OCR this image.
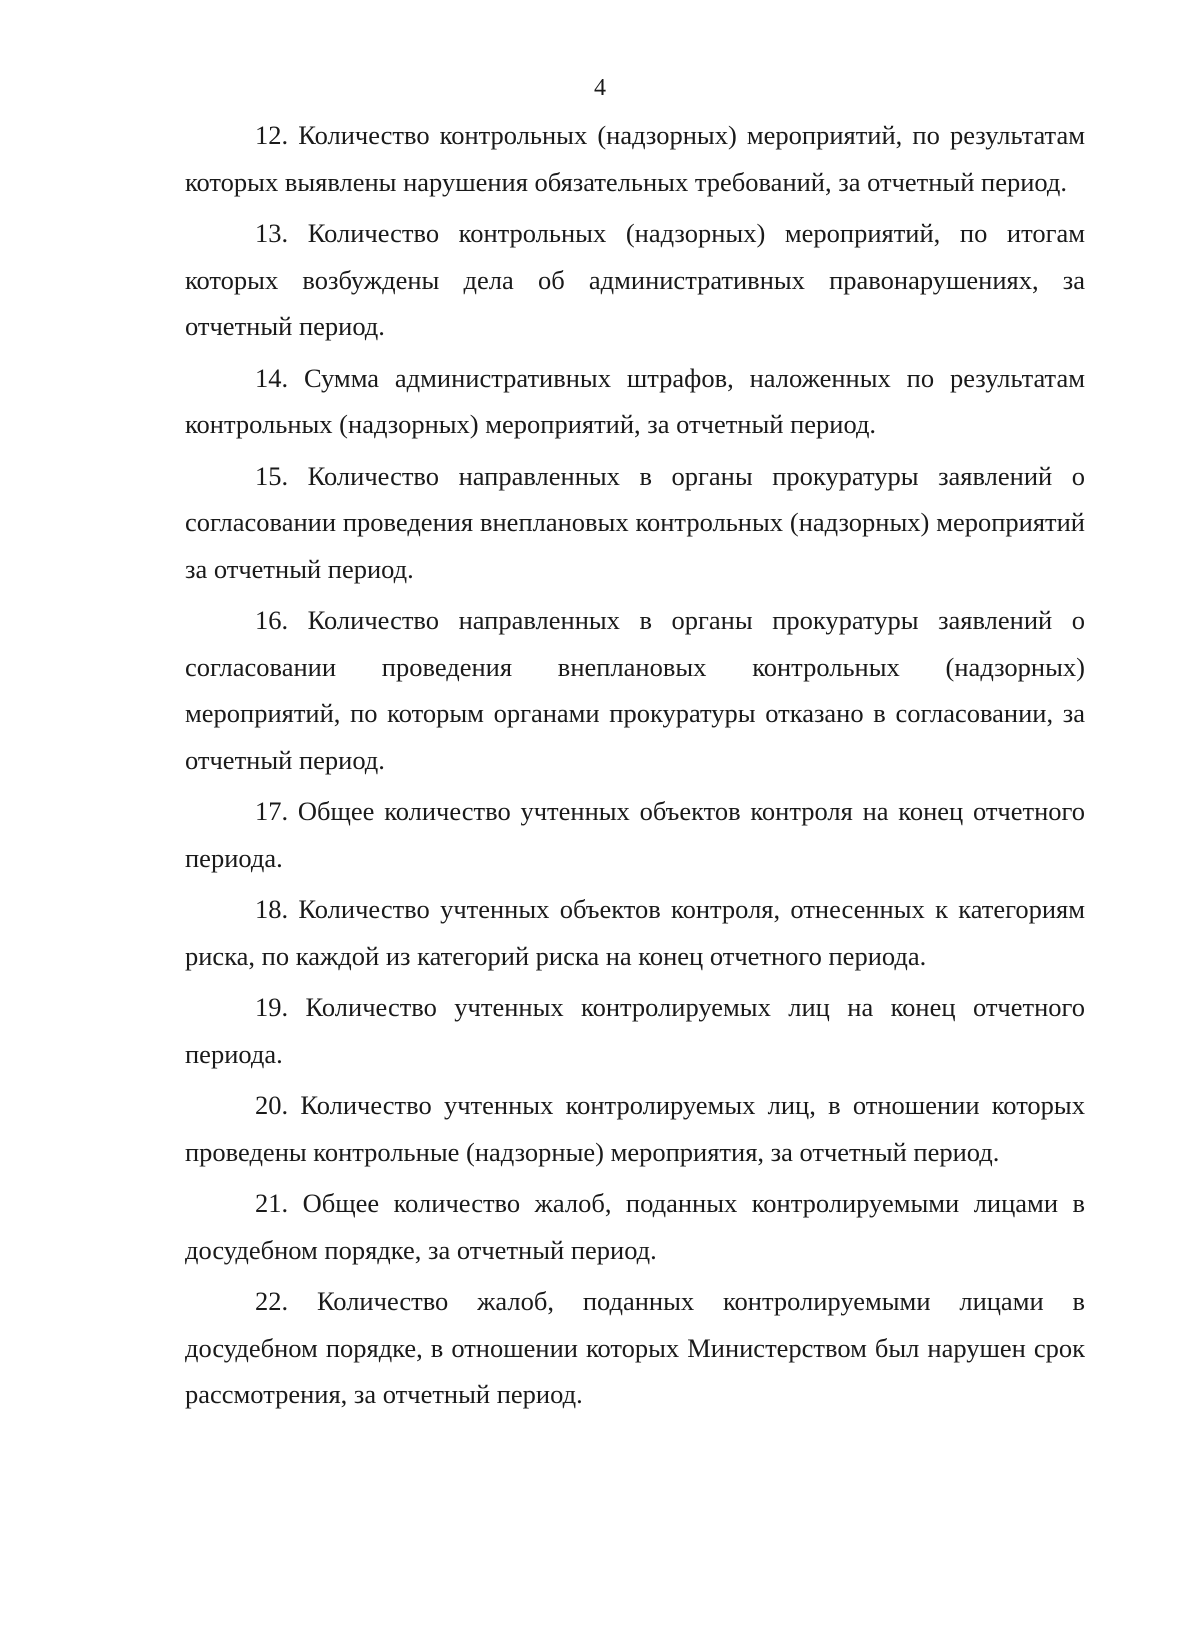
4

12. Количество контрольных (надзорных) мероприятий, по результатам которых выявлены нарушения обязательных требований, за отчетный период.

13. Количество контрольных (надзорных) мероприятий, по итогам которых возбуждены дела об административных правонарушениях, за отчетный период.

14. Сумма административных штрафов, наложенных по результатам контрольных (надзорных) мероприятий, за отчетный период.

15. Количество направленных в органы прокуратуры заявлений о согласовании проведения внеплановых контрольных (надзорных) мероприятий за отчетный период.

16. Количество направленных в органы прокуратуры заявлений о согласовании проведения внеплановых контрольных (надзорных) мероприятий, по которым органами прокуратуры отказано в согласовании, за отчетный период.

17. Общее количество учтенных объектов контроля на конец отчетного периода.

18. Количество учтенных объектов контроля, отнесенных к категориям риска, по каждой из категорий риска на конец отчетного периода.

19. Количество учтенных контролируемых лиц на конец отчетного периода.

20. Количество учтенных контролируемых лиц, в отношении которых проведены контрольные (надзорные) мероприятия, за отчетный период.

21. Общее количество жалоб, поданных контролируемыми лицами в досудебном порядке, за отчетный период.

22. Количество жалоб, поданных контролируемыми лицами в досудебном порядке, в отношении которых Министерством был нарушен срок рассмотрения, за отчетный период.
